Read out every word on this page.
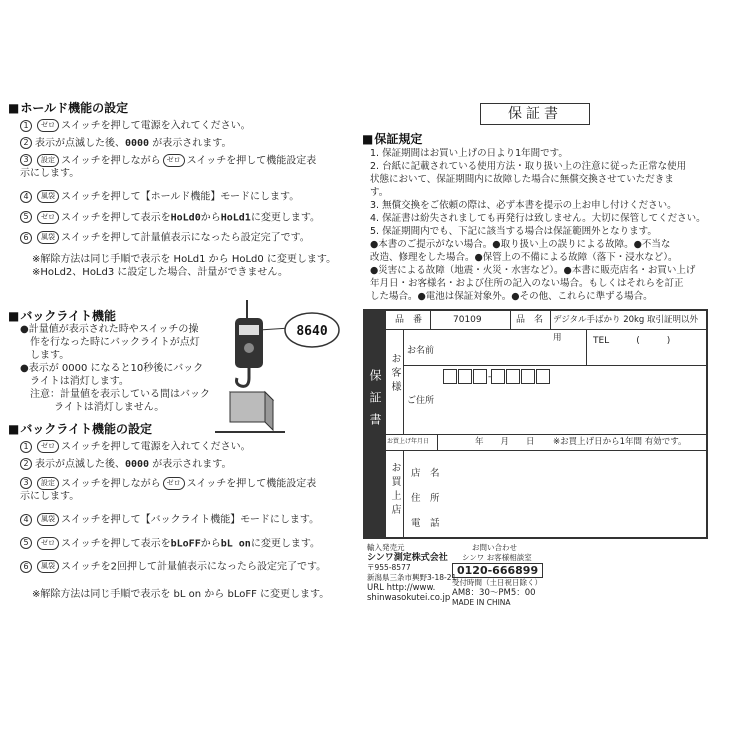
■ ホールド機能の設定
1 ゼロ スイッチを押して電源を入れてください。
2 表示が点滅した後、0000 が表示されます。
3 設定 スイッチを押しながら ゼロ スイッチを押して機能設定表
示にします。
4 風袋 スイッチを押して【ホールド機能】モードにします。
5 ゼロ スイッチを押して表示をHoLd0からHoLd1に変更します。
6 風袋 スイッチを押して計量値表示になったら設定完了です。
※解除方法は同じ手順で表示を HoLd1 から HoLd0 に変更します。
※HoLd2、HoLd3 に設定した場合、計量ができません。
■ バックライト機能
●計量値が表示された時やスイッチの操
作を行なった時にバックライトが点灯
します。
●表示が 0000 になると10秒後にバック
ライトは消灯します。
注意：計量値を表示している間はバック
ライトは消灯しません。
8640
■ バックライト機能の設定
1 ゼロ スイッチを押して電源を入れてください。
2 表示が点滅した後、0000 が表示されます。
3 設定 スイッチを押しながら ゼロ スイッチを押して機能設定表
示にします。
4 風袋 スイッチを押して【バックライト機能】モードにします。
5 ゼロ スイッチを押して表示をbLoFFからbL onに変更します。
6 風袋 スイッチを2回押して計量値表示になったら設定完了です。
※解除方法は同じ手順で表示を bL on から bLoFF に変更します。
保証書
■ 保証規定
1. 保証期間はお買い上げの日より1年間です。
2. 台紙に記載されている使用方法・取り扱い上の注意に従った正常な使用
状態において、保証期間内に故障した場合に無償交換させていただきま
す。
3. 無償交換をご依頼の際は、必ず本書を提示の上お申し付けください。
4. 保証書は紛失されましても再発行は致しません。大切に保管してください。
5. 保証期間内でも、下記に該当する場合は保証範囲外となります。
●本書のご提示がない場合。●取り扱い上の誤りによる故障。●不当な
改造、修理をした場合。●保管上の不備による故障（落下・浸水など）。
●災害による故障（地震・火災・水害など）。●本書に販売店名・お買い上げ
年月日・お客様名・および住所の記入のない場合。もしくはそれらを訂正
した場合。●電池は保証対象外。●その他、これらに準ずる場合。
保証書
品　番	70109	品　名 デジタル手ばかり 20kg 取引証明以外用
お客様
お名前
TEL　　　(　　　)
-
ご住所
お買上げ年月日	年　　月　　日 ※お買上げ日から1年間 有効です。
お買上店 店　名
住　所
電　話
輸入発売元
シンワ測定株式会社
〒955-8577
新潟県三条市興野3-18-21
URL http://www.
shinwasokutei.co.jp
お問い合わせ
シンワ お客様相談室
0120-666899
受付時間（土日祝日除く）
AM8：30～PM5：00
MADE IN CHINA
